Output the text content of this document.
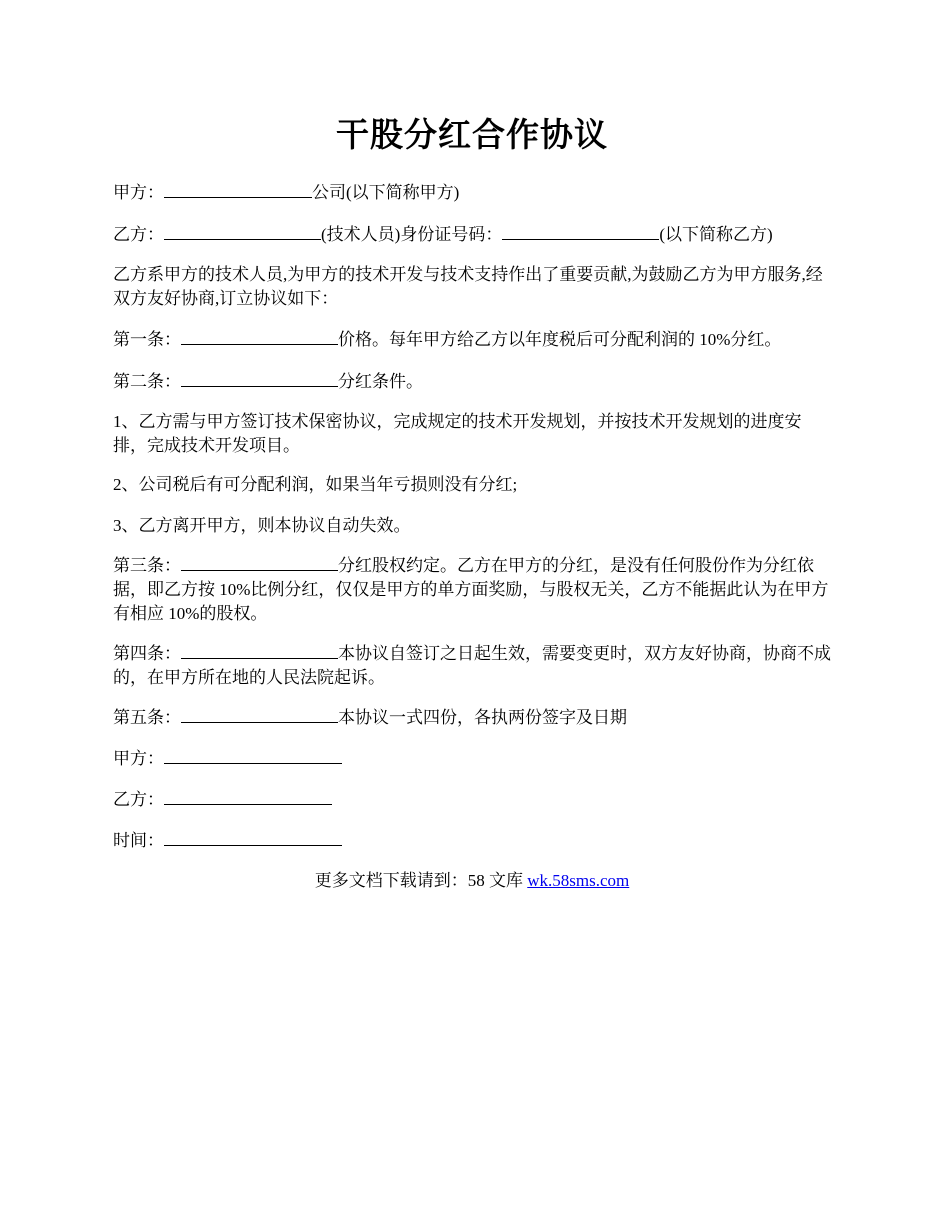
干股分红合作协议

甲方：	公司(以下简称甲方)

乙方：	(技术人员)身份证号码：	(以下简称乙方)

乙方系甲方的技术人员,为甲方的技术开发与技术支持作出了重要贡献,为鼓励乙方为甲方服务,经双方友好协商,订立协议如下：

第一条：	价格。每年甲方给乙方以年度税后可分配利润的 10%分红。

第二条：	分红条件。

1、乙方需与甲方签订技术保密协议，完成规定的技术开发规划，并按技术开发规划的进度安排，完成技术开发项目。

2、公司税后有可分配利润，如果当年亏损则没有分红;

3、乙方离开甲方，则本协议自动失效。

第三条：	分红股权约定。乙方在甲方的分红，是没有任何股份作为分红依据，即乙方按 10%比例分红，仅仅是甲方的单方面奖励，与股权无关，乙方不能据此认为在甲方有相应 10%的股权。

第四条：	本协议自签订之日起生效，需要变更时，双方友好协商，协商不成的，在甲方所在地的人民法院起诉。

第五条：	本协议一式四份，各执两份签字及日期

甲方：

乙方：

时间：

更多文档下载请到：58 文库 wk.58sms.com
